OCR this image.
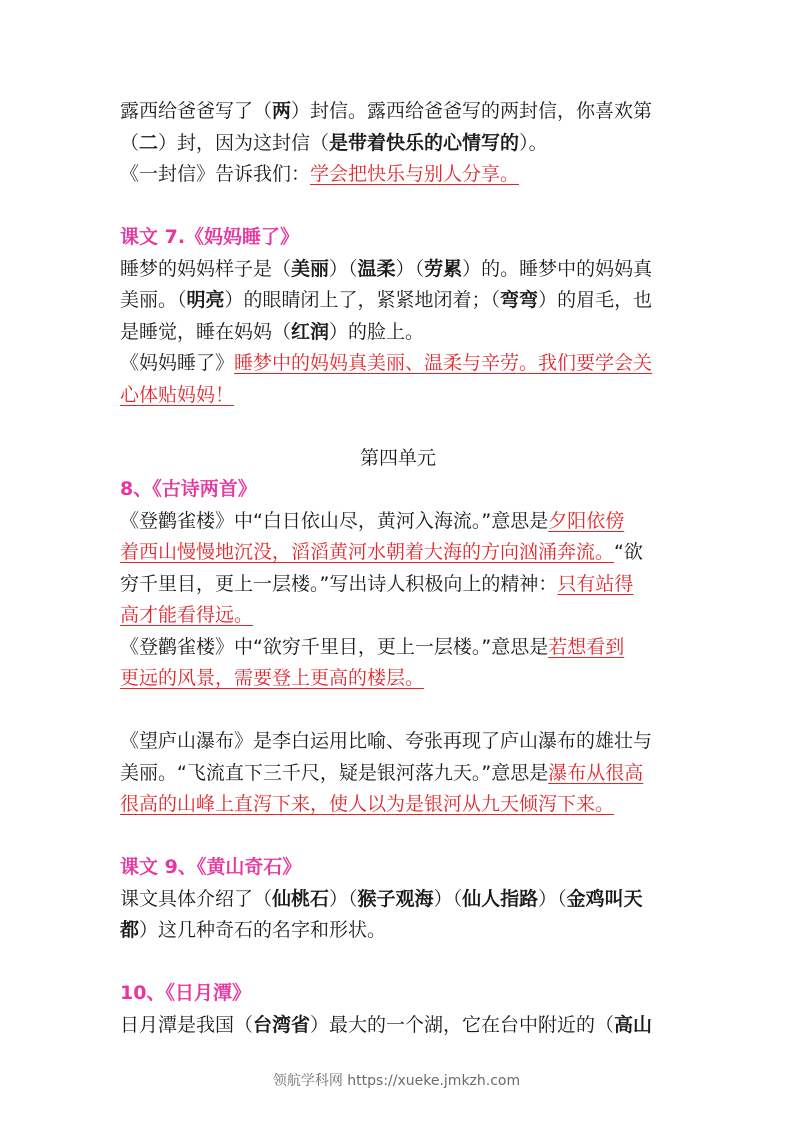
露西给爸爸写了（两）封信。露西给爸爸写的两封信，你喜欢第
（二）封，因为这封信（是带着快乐的心情写的）。
《一封信》告诉我们：学会把快乐与别人分享。
课文 7.《妈妈睡了》
睡梦的妈妈样子是（美丽）（温柔）（劳累）的。睡梦中的妈妈真
美丽。（明亮）的眼睛闭上了，紧紧地闭着；（弯弯）的眉毛，也
是睡觉，睡在妈妈（红润）的脸上。
《妈妈睡了》睡梦中的妈妈真美丽、温柔与辛劳。我们要学会关
心体贴妈妈！
第四单元
8、《古诗两首》
《登鹳雀楼》中“白日依山尽，黄河入海流。”意思是夕阳依傍
着西山慢慢地沉没，滔滔黄河水朝着大海的方向汹涌奔流。“欲
穷千里目，更上一层楼。”写出诗人积极向上的精神：只有站得
高才能看得远。
《登鹳雀楼》中“欲穷千里目，更上一层楼。”意思是若想看到
更远的风景，需要登上更高的楼层。
《望庐山瀑布》是李白运用比喻、夸张再现了庐山瀑布的雄壮与
美丽。“飞流直下三千尺，疑是银河落九天。”意思是瀑布从很高
很高的山峰上直泻下来，使人以为是银河从九天倾泻下来。
课文 9、《黄山奇石》
课文具体介绍了（仙桃石）（猴子观海）（仙人指路）（金鸡叫天
都）这几种奇石的名字和形状。
10、《日月潭》
日月潭是我国（台湾省）最大的一个湖，它在台中附近的（高山
领航学科网 https://xueke.jmkzh.com
